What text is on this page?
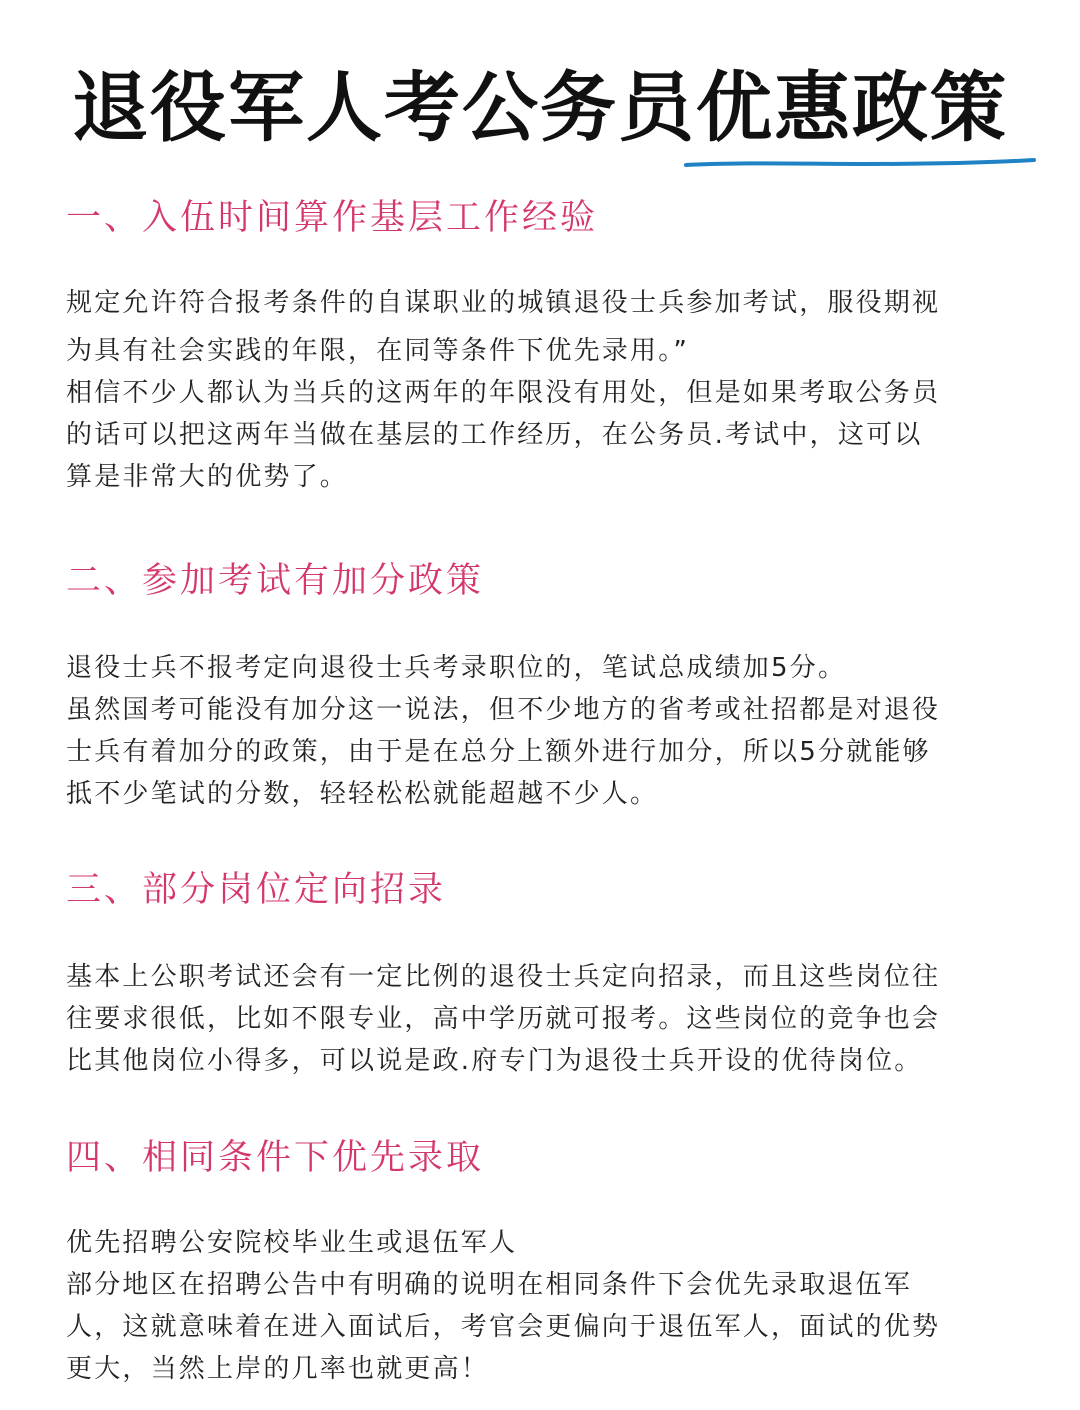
退役军人考公务员优惠政策
一、入伍时间算作基层工作经验

规定允许符合报考条件的自谋职业的城镇退役士兵参加考试，服役期视

为具有社会实践的年限，在同等条件下优先录用。”

相信不少人都认为当兵的这两年的年限没有用处，但是如果考取公务员

的话可以把这两年当做在基层的工作经历，在公务员.考试中，这可以

算是非常大的优势了。

二、参加考试有加分政策

退役士兵不报考定向退役士兵考录职位的，笔试总成绩加5分。

虽然国考可能没有加分这一说法，但不少地方的省考或社招都是对退役

士兵有着加分的政策，由于是在总分上额外进行加分，所以5分就能够

抵不少笔试的分数，轻轻松松就能超越不少人。

三、部分岗位定向招录

基本上公职考试还会有一定比例的退役士兵定向招录，而且这些岗位往

往要求很低，比如不限专业，高中学历就可报考。这些岗位的竞争也会

比其他岗位小得多，可以说是政.府专门为退役士兵开设的优待岗位。

四、相同条件下优先录取

优先招聘公安院校毕业生或退伍军人

部分地区在招聘公告中有明确的说明在相同条件下会优先录取退伍军

人，这就意味着在进入面试后，考官会更偏向于退伍军人，面试的优势

更大，当然上岸的几率也就更高！
